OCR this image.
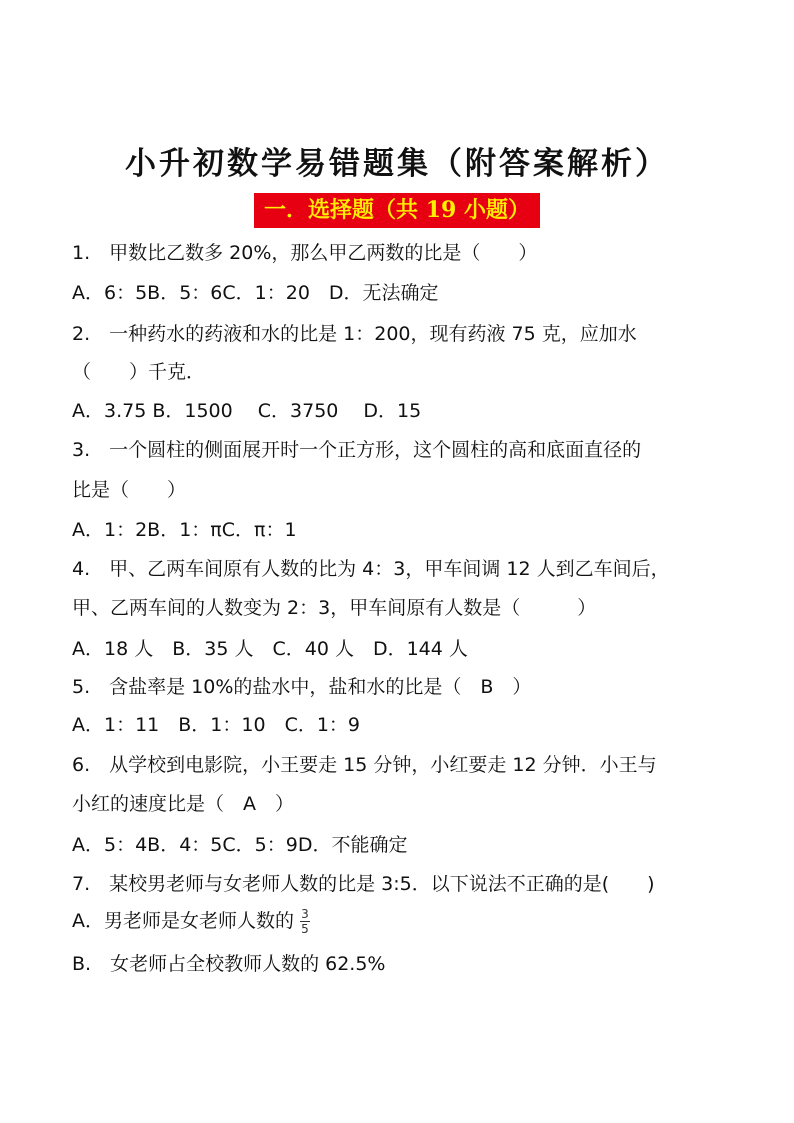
小升初数学易错题集（附答案解析）
一．选择题（共 19 小题）
1.　甲数比乙数多 20%，那么甲乙两数的比是（　　）
A．6：5B．5：6C．1：20　D．无法确定
2.　一种药水的药液和水的比是 1：200，现有药液 75 克，应加水
（　　）千克．
A．3.75 B．1500　 C．3750　 D．15
3.　一个圆柱的侧面展开时一个正方形，这个圆柱的高和底面直径的
比是（　　）
A．1：2B．1：πC．π：1
4.　甲、乙两车间原有人数的比为 4：3，甲车间调 12 人到乙车间后，
甲、乙两车间的人数变为 2：3，甲车间原有人数是（　　　）
A．18 人　B．35 人　C．40 人　D．144 人
5.　含盐率是 10%的盐水中，盐和水的比是（　B　）
A．1：11　B．1：10　C．1：9
6.　从学校到电影院，小王要走 15 分钟，小红要走 12 分钟．小王与
小红的速度比是（　A　）
A．5：4B．4：5C．5：9D．不能确定
7.　某校男老师与女老师人数的比是 3:5．以下说法不正确的是(　　)
A．男老师是女老师人数的 $\frac{3}{5}$
B.　女老师占全校教师人数的 62.5%
